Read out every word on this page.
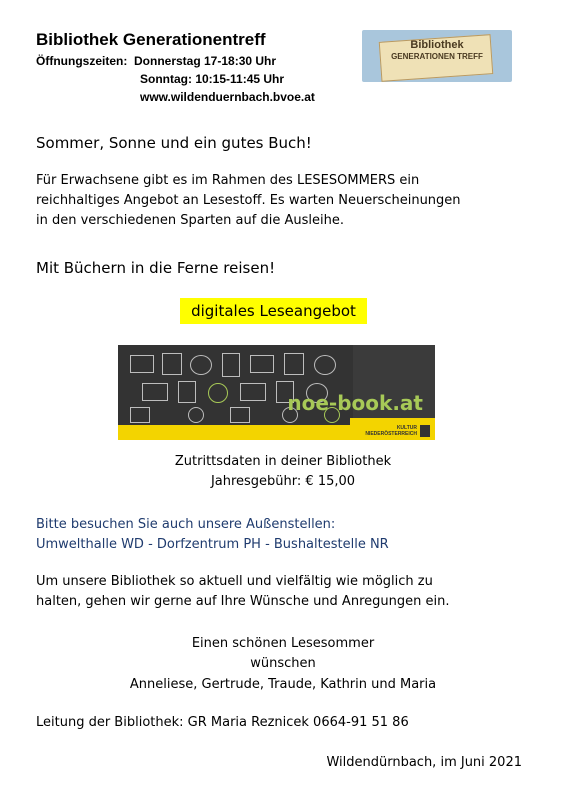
Bibliothek Generationentreff
Öffnungszeiten:  Donnerstag 17-18:30 Uhr
Sonntag: 10:15-11:45 Uhr
www.wildenduernbach.bvoe.at
Bibliothek
GENERATIONEN TREFF
Sommer, Sonne und ein gutes Buch!
Für Erwachsene gibt es im Rahmen des LESESOMMERS ein
reichhaltiges Angebot an Lesestoff. Es warten Neuerscheinungen
in den verschiedenen Sparten auf die Ausleihe.
Mit Büchern in die Ferne reisen!
digitales Leseangebot
noe-book.at
KULTUR NIEDERÖSTERREICH
Zutrittsdaten in deiner Bibliothek
Jahresgebühr: € 15,00
Bitte besuchen Sie auch unsere Außenstellen:
Umwelthalle WD - Dorfzentrum PH - Bushaltestelle NR
Um unsere Bibliothek so aktuell und vielfältig wie möglich zu
halten, gehen wir gerne auf Ihre Wünsche und Anregungen ein.
Einen schönen Lesesommer
wünschen
Anneliese, Gertrude, Traude, Kathrin und Maria
Leitung der Bibliothek: GR Maria Reznicek 0664-91 51 86
Wildendürnbach, im Juni 2021
